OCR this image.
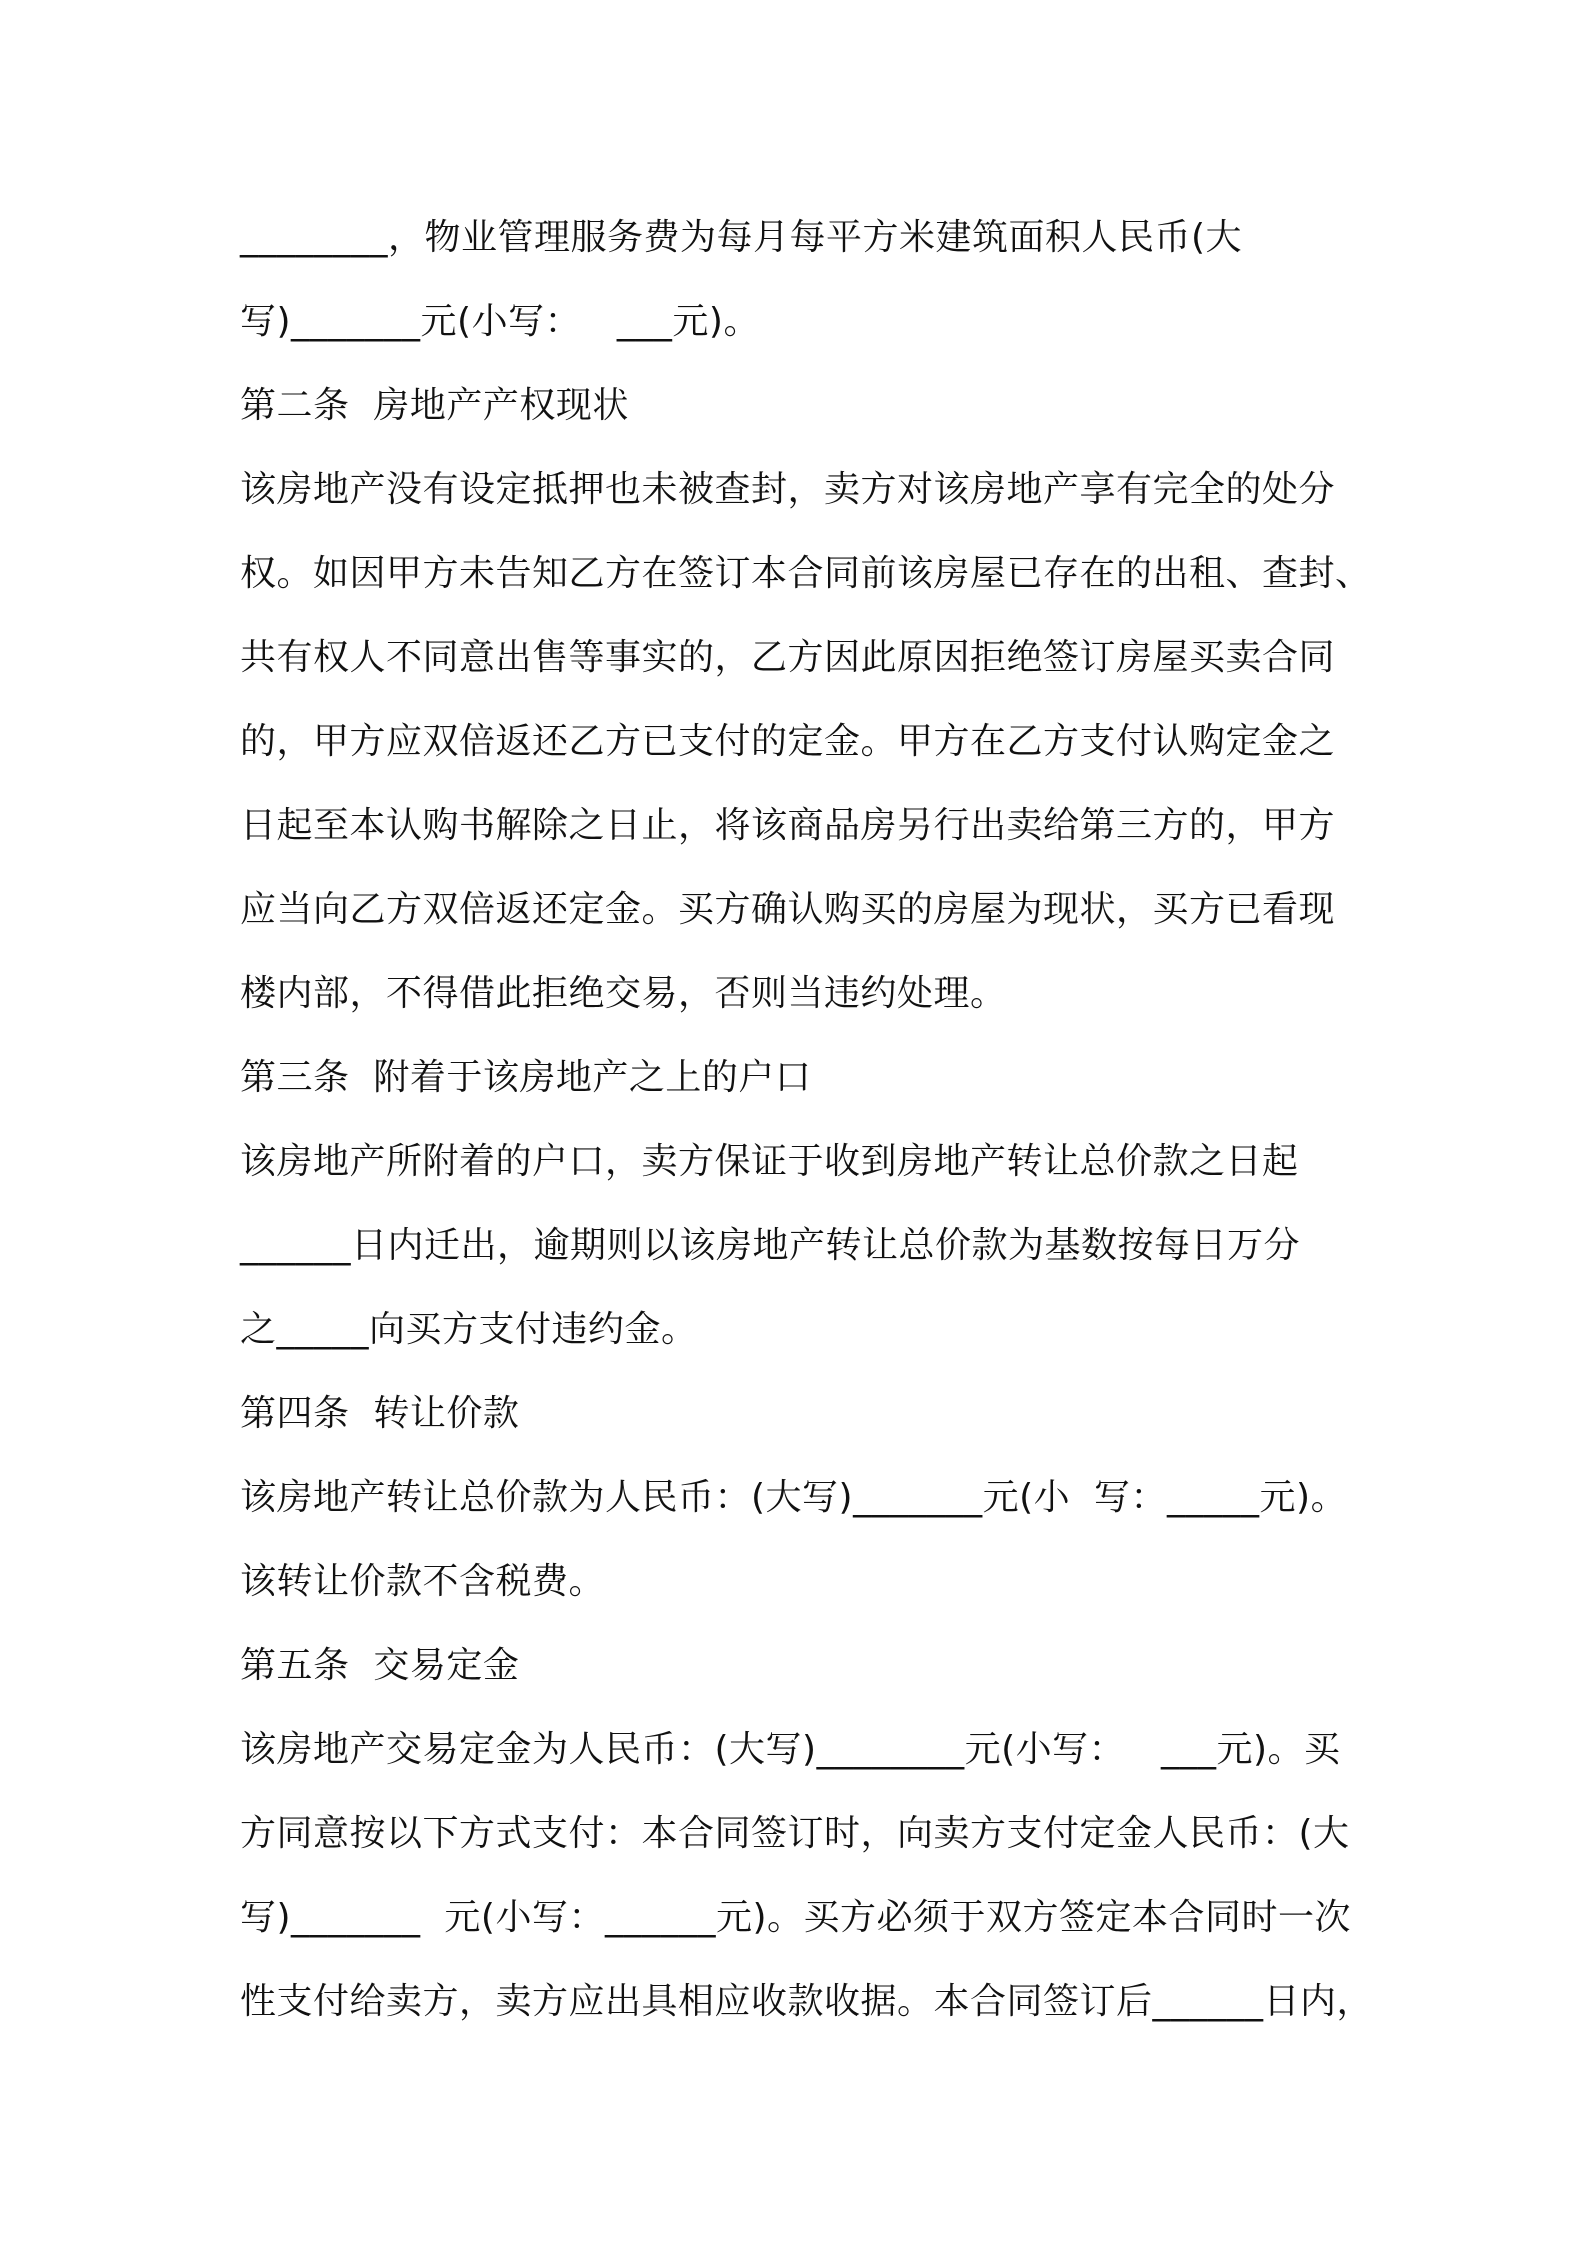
________，物业管理服务费为每月每平方米建筑面积人民币(大
写)_______元(小写：   ___元)。
第二条  房地产产权现状
该房地产没有设定抵押也未被查封，卖方对该房地产享有完全的处分
权。如因甲方未告知乙方在签订本合同前该房屋已存在的出租、查封、
共有权人不同意出售等事实的，乙方因此原因拒绝签订房屋买卖合同
的，甲方应双倍返还乙方已支付的定金。甲方在乙方支付认购定金之
日起至本认购书解除之日止，将该商品房另行出卖给第三方的，甲方
应当向乙方双倍返还定金。买方确认购买的房屋为现状，买方已看现
楼内部，不得借此拒绝交易，否则当违约处理。
第三条  附着于该房地产之上的户口
该房地产所附着的户口，卖方保证于收到房地产转让总价款之日起
______日内迁出，逾期则以该房地产转让总价款为基数按每日万分
之_____向买方支付违约金。
第四条  转让价款
该房地产转让总价款为人民币：(大写)_______元(小  写：_____元)。
该转让价款不含税费。
第五条  交易定金
该房地产交易定金为人民币：(大写)________元(小写：   ___元)。买
方同意按以下方式支付：本合同签订时，向卖方支付定金人民币：(大
写)_______  元(小写：______元)。买方必须于双方签定本合同时一次
性支付给卖方，卖方应出具相应收款收据。本合同签订后______日内，
